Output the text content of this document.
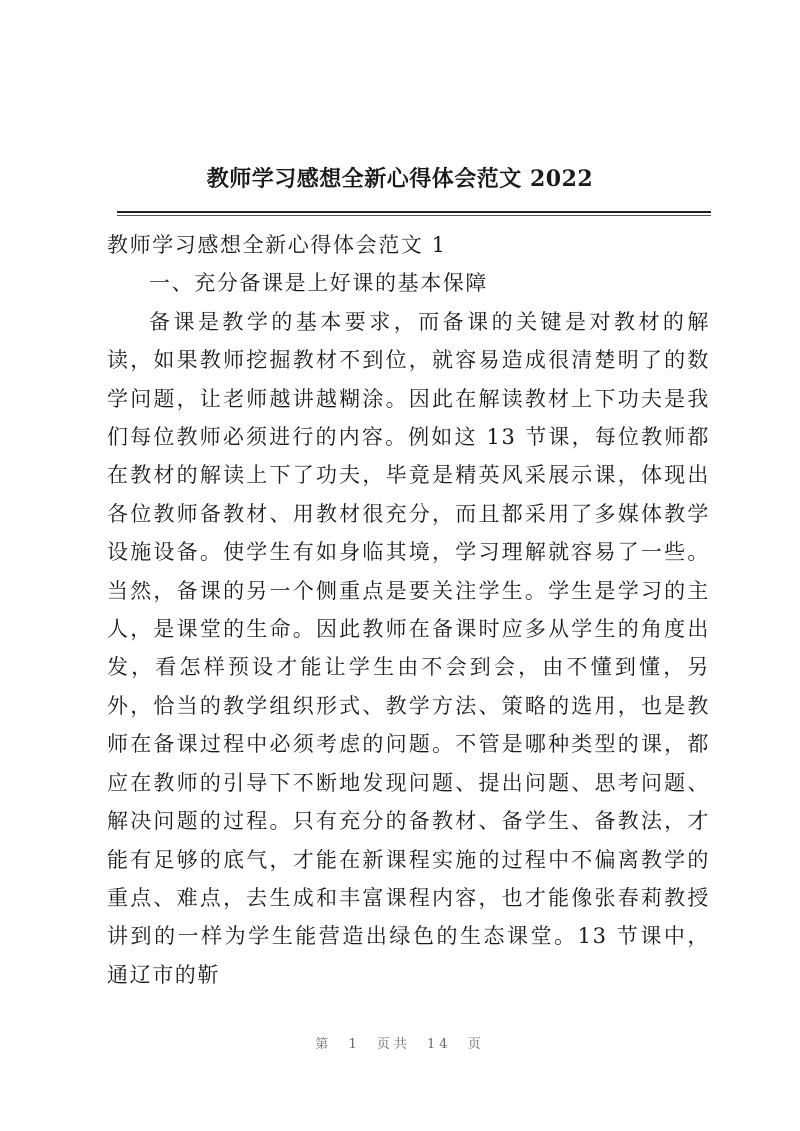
教师学习感想全新心得体会范文 2022

教师学习感想全新心得体会范文 1

一、充分备课是上好课的基本保障

备课是教学的基本要求，而备课的关键是对教材的解读，如果教师挖掘教材不到位，就容易造成很清楚明了的数学问题，让老师越讲越糊涂。因此在解读教材上下功夫是我们每位教师必须进行的内容。例如这 13 节课，每位教师都在教材的解读上下了功夫，毕竟是精英风采展示课，体现出各位教师备教材、用教材很充分，而且都采用了多媒体教学设施设备。使学生有如身临其境，学习理解就容易了一些。当然，备课的另一个侧重点是要关注学生。学生是学习的主人，是课堂的生命。因此教师在备课时应多从学生的角度出发，看怎样预设才能让学生由不会到会，由不懂到懂，另外，恰当的教学组织形式、教学方法、策略的选用，也是教师在备课过程中必须考虑的问题。不管是哪种类型的课，都应在教师的引导下不断地发现问题、提出问题、思考问题、解决问题的过程。只有充分的备教材、备学生、备教法，才能有足够的底气，才能在新课程实施的过程中不偏离教学的重点、难点，去生成和丰富课程内容，也才能像张春莉教授讲到的一样为学生能营造出绿色的生态课堂。13 节课中，通辽市的靳

第 1 页共 14 页
